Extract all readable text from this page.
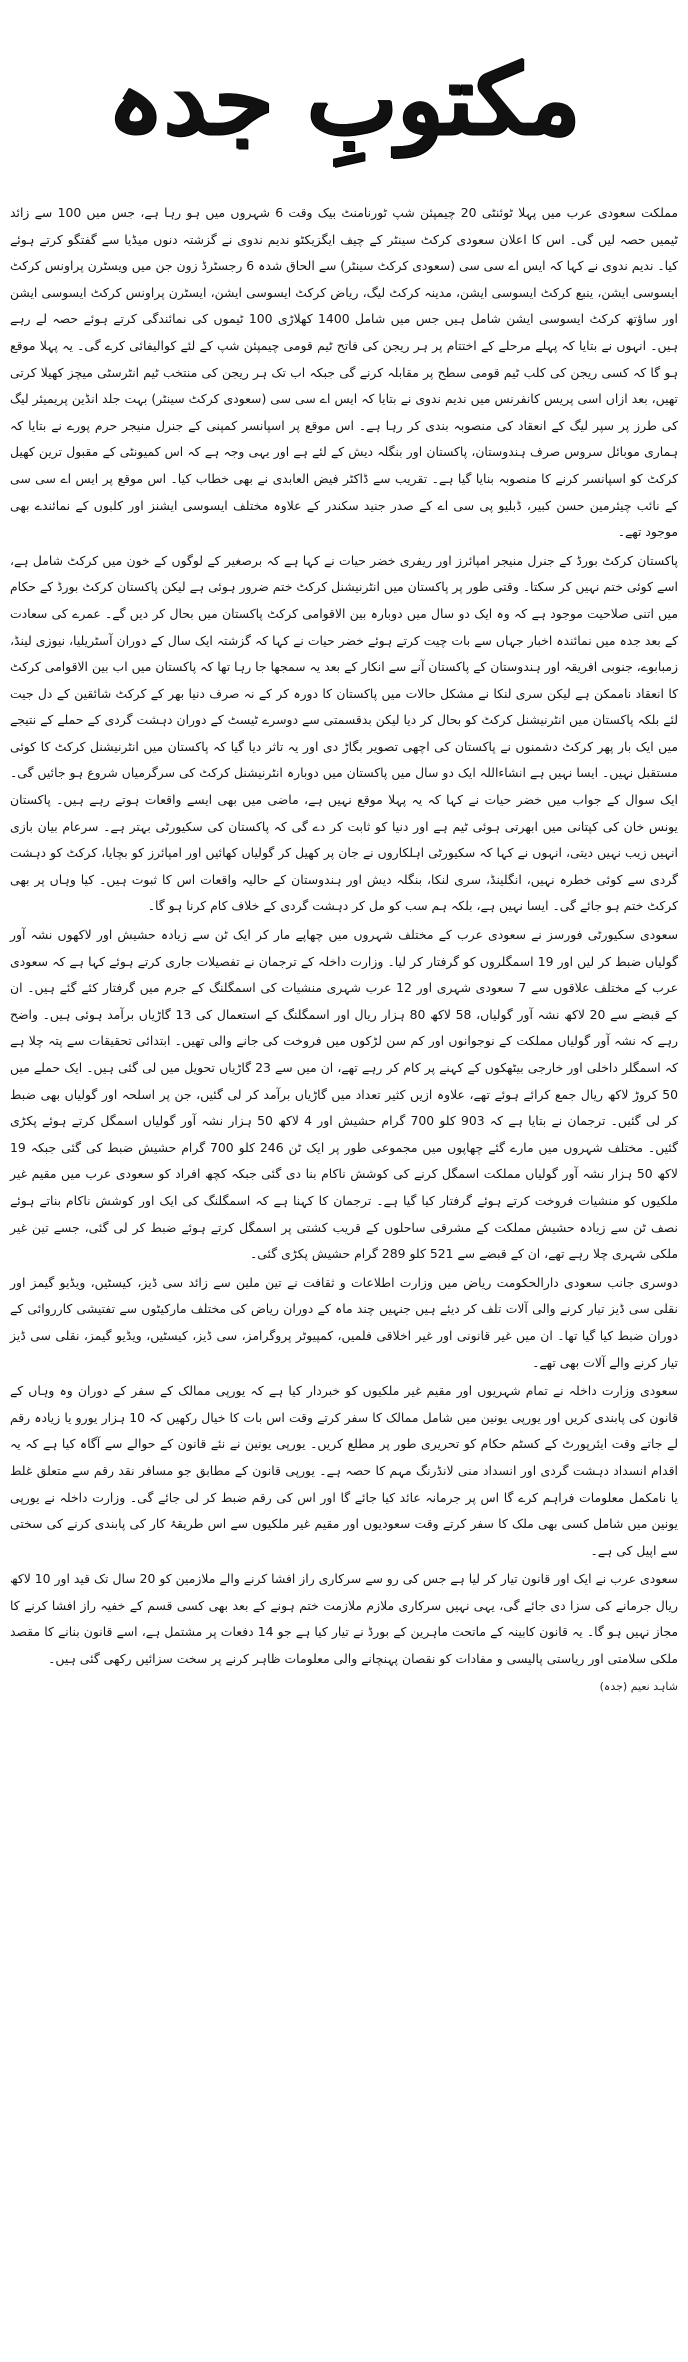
مکتوبِ جدہ

مملکت سعودی عرب میں پہلا ٹوئنٹی 20 چیمپئن شپ ٹورنامنٹ بیک وقت 6 شہروں میں ہو رہا ہے، جس میں 100 سے زائد ٹیمیں حصہ لیں گی۔ اس کا اعلان سعودی کرکٹ سینٹر کے چیف ایگزیکٹو ندیم ندوی نے گزشتہ دنوں میڈیا سے گفتگو کرتے ہوئے کیا۔ ندیم ندوی نے کہا کہ ایس اے سی سی (سعودی کرکٹ سینٹر) سے الحاق شدہ 6 رجسٹرڈ زون جن میں ویسٹرن پراونس کرکٹ ایسوسی ایشن، ینبع کرکٹ ایسوسی ایشن، مدینہ کرکٹ لیگ، ریاض کرکٹ ایسوسی ایشن، ایسٹرن پراونس کرکٹ ایسوسی ایشن اور ساؤتھ کرکٹ ایسوسی ایشن شامل ہیں جس میں شامل 1400 کھلاڑی 100 ٹیموں کی نمائندگی کرتے ہوئے حصہ لے رہے ہیں۔ انہوں نے بتایا کہ پہلے مرحلے کے اختتام پر ہر ریجن کی فاتح ٹیم قومی چیمپئن شپ کے لئے کوالیفائی کرے گی۔ یہ پہلا موقع ہو گا کہ کسی ریجن کی کلب ٹیم قومی سطح پر مقابلہ کرنے گی جبکہ اب تک ہر ریجن کی منتخب ٹیم انٹرسٹی میچز کھیلا کرتی تھیں، بعد ازاں اسی پریس کانفرنس میں ندیم ندوی نے بتایا کہ ایس اے سی سی (سعودی کرکٹ سینٹر) بہت جلد انڈین پریمیئر لیگ کی طرز پر سپر لیگ کے انعقاد کی منصوبہ بندی کر رہا ہے۔ اس موقع پر اسپانسر کمپنی کے جنرل منیجر حرم پورے نے بتایا کہ ہماری موبائل سروس صرف ہندوستان، پاکستان اور بنگلہ دیش کے لئے ہے اور یہی وجہ ہے کہ اس کمیونٹی کے مقبول ترین کھیل کرکٹ کو اسپانسر کرنے کا منصوبہ بنایا گیا ہے۔ تقریب سے ڈاکٹر فیض العابدی نے بھی خطاب کیا۔ اس موقع پر ایس اے سی سی کے نائب چیئرمین حسن کبیر، ڈبلیو پی سی اے کے صدر جنید سکندر کے علاوہ مختلف ایسوسی ایشنز اور کلبوں کے نمائندے بھی موجود تھے۔

پاکستان کرکٹ بورڈ کے جنرل منیجر امپائرز اور ریفری خضر حیات نے کہا ہے کہ برصغیر کے لوگوں کے خون میں کرکٹ شامل ہے، اسے کوئی ختم نہیں کر سکتا۔ وقتی طور پر پاکستان میں انٹرنیشنل کرکٹ ختم ضرور ہوئی ہے لیکن پاکستان کرکٹ بورڈ کے حکام میں اتنی صلاحیت موجود ہے کہ وہ ایک دو سال میں دوبارہ بین الاقوامی کرکٹ پاکستان میں بحال کر دیں گے۔ عمرے کی سعادت کے بعد جدہ میں نمائندہ اخبار جہاں سے بات چیت کرتے ہوئے خضر حیات نے کہا کہ گزشتہ ایک سال کے دوران آسٹریلیا، نیوزی لینڈ، زمبابوے، جنوبی افریقہ اور ہندوستان کے پاکستان آنے سے انکار کے بعد یہ سمجھا جا رہا تھا کہ پاکستان میں اب بین الاقوامی کرکٹ کا انعقاد ناممکن ہے لیکن سری لنکا نے مشکل حالات میں پاکستان کا دورہ کر کے نہ صرف دنیا بھر کے کرکٹ شائقین کے دل جیت لئے بلکہ پاکستان میں انٹرنیشنل کرکٹ کو بحال کر دیا لیکن بدقسمتی سے دوسرے ٹیسٹ کے دوران دہشت گردی کے حملے کے نتیجے میں ایک بار پھر کرکٹ دشمنوں نے پاکستان کی اچھی تصویر بگاڑ دی اور یہ تاثر دیا گیا کہ پاکستان میں انٹرنیشنل کرکٹ کا کوئی مستقبل نہیں۔ ایسا نہیں ہے انشاءاللہ ایک دو سال میں پاکستان میں دوبارہ انٹرنیشنل کرکٹ کی سرگرمیاں شروع ہو جائیں گی۔ ایک سوال کے جواب میں خضر حیات نے کہا کہ یہ پہلا موقع نہیں ہے، ماضی میں بھی ایسے واقعات ہوتے رہے ہیں۔ پاکستان یونس خان کی کپتانی میں ابھرتی ہوئی ٹیم ہے اور دنیا کو ثابت کر دے گی کہ پاکستان کی سکیورٹی بہتر ہے۔ سرعام بیان بازی انہیں زیب نہیں دیتی، انہوں نے کہا کہ سکیورٹی اہلکاروں نے جان پر کھیل کر گولیاں کھائیں اور امپائرز کو بچایا، کرکٹ کو دہشت گردی سے کوئی خطرہ نہیں، انگلینڈ، سری لنکا، بنگلہ دیش اور ہندوستان کے حالیہ واقعات اس کا ثبوت ہیں۔ کیا وہاں پر بھی کرکٹ ختم ہو جائے گی۔ ایسا نہیں ہے، بلکہ ہم سب کو مل کر دہشت گردی کے خلاف کام کرنا ہو گا۔

سعودی سکیورٹی فورسز نے سعودی عرب کے مختلف شہروں میں چھاپے مار کر ایک ٹن سے زیادہ حشیش اور لاکھوں نشہ آور گولیاں ضبط کر لیں اور 19 اسمگلروں کو گرفتار کر لیا۔ وزارت داخلہ کے ترجمان نے تفصیلات جاری کرتے ہوئے کہا ہے کہ سعودی عرب کے مختلف علاقوں سے 7 سعودی شہری اور 12 عرب شہری منشیات کی اسمگلنگ کے جرم میں گرفتار کئے گئے ہیں۔ ان کے قبضے سے 20 لاکھ نشہ آور گولیاں، 58 لاکھ 80 ہزار ریال اور اسمگلنگ کے استعمال کی 13 گاڑیاں برآمد ہوئی ہیں۔ واضح رہے کہ نشہ آور گولیاں مملکت کے نوجوانوں اور کم سن لڑکوں میں فروخت کی جانے والی تھیں۔ ابتدائی تحقیقات سے پتہ چلا ہے کہ اسمگلر داخلی اور خارجی بیٹھکوں کے کہنے پر کام کر رہے تھے، ان میں سے 23 گاڑیاں تحویل میں لی گئی ہیں۔ ایک حملے میں 50 کروڑ لاکھ ریال جمع کرائے ہوئے تھے، علاوہ ازیں کثیر تعداد میں گاڑیاں برآمد کر لی گئیں، جن پر اسلحہ اور گولیاں بھی ضبط کر لی گئیں۔ ترجمان نے بتایا ہے کہ 903 کلو 700 گرام حشیش اور 4 لاکھ 50 ہزار نشہ آور گولیاں اسمگل کرتے ہوئے پکڑی گئیں۔ مختلف شہروں میں مارے گئے چھاپوں میں مجموعی طور پر ایک ٹن 246 کلو 700 گرام حشیش ضبط کی گئی جبکہ 19 لاکھ 50 ہزار نشہ آور گولیاں مملکت اسمگل کرنے کی کوشش ناکام بنا دی گئی جبکہ کچھ افراد کو سعودی عرب میں مقیم غیر ملکیوں کو منشیات فروخت کرتے ہوئے گرفتار کیا گیا ہے۔ ترجمان کا کہنا ہے کہ اسمگلنگ کی ایک اور کوشش ناکام بناتے ہوئے نصف ٹن سے زیادہ حشیش مملکت کے مشرقی ساحلوں کے قریب کشتی پر اسمگل کرتے ہوئے ضبط کر لی گئی، جسے تین غیر ملکی شہری چلا رہے تھے، ان کے قبضے سے 521 کلو 289 گرام حشیش پکڑی گئی۔

دوسری جانب سعودی دارالحکومت ریاض میں وزارت اطلاعات و ثقافت نے تین ملین سے زائد سی ڈیز، کیسٹیں، ویڈیو گیمز اور نقلی سی ڈیز تیار کرنے والی آلات تلف کر دیئے ہیں جنہیں چند ماہ کے دوران ریاض کی مختلف مارکیٹوں سے تفتیشی کارروائی کے دوران ضبط کیا گیا تھا۔ ان میں غیر قانونی اور غیر اخلاقی فلمیں، کمپیوٹر پروگرامز، سی ڈیز، کیسٹیں، ویڈیو گیمز، نقلی سی ڈیز تیار کرنے والے آلات بھی تھے۔

سعودی وزارت داخلہ نے تمام شہریوں اور مقیم غیر ملکیوں کو خبردار کیا ہے کہ یورپی ممالک کے سفر کے دوران وہ وہاں کے قانون کی پابندی کریں اور یورپی یونین میں شامل ممالک کا سفر کرتے وقت اس بات کا خیال رکھیں کہ 10 ہزار یورو یا زیادہ رقم لے جاتے وقت ایئرپورٹ کے کسٹم حکام کو تحریری طور پر مطلع کریں۔ یورپی یونین نے نئے قانون کے حوالے سے آگاہ کیا ہے کہ یہ اقدام انسداد دہشت گردی اور انسداد منی لانڈرنگ مہم کا حصہ ہے۔ یورپی قانون کے مطابق جو مسافر نقد رقم سے متعلق غلط یا نامکمل معلومات فراہم کرے گا اس پر جرمانہ عائد کیا جائے گا اور اس کی رقم ضبط کر لی جائے گی۔ وزارت داخلہ نے یورپی یونین میں شامل کسی بھی ملک کا سفر کرتے وقت سعودیوں اور مقیم غیر ملکیوں سے اس طریقۂ کار کی پابندی کرنے کی سختی سے اپیل کی ہے۔

سعودی عرب نے ایک اور قانون تیار کر لیا ہے جس کی رو سے سرکاری راز افشا کرنے والے ملازمین کو 20 سال تک قید اور 10 لاکھ ریال جرمانے کی سزا دی جائے گی، یہی نہیں سرکاری ملازم ملازمت ختم ہونے کے بعد بھی کسی قسم کے خفیہ راز افشا کرنے کا مجاز نہیں ہو گا۔ یہ قانون کابینہ کے ماتحت ماہرین کے بورڈ نے تیار کیا ہے جو 14 دفعات پر مشتمل ہے، اسے قانون بنانے کا مقصد ملکی سلامتی اور ریاستی پالیسی و مفادات کو نقصان پہنچانے والی معلومات ظاہر کرنے پر سخت سزائیں رکھی گئی ہیں۔

شاہد نعیم (جدہ)
